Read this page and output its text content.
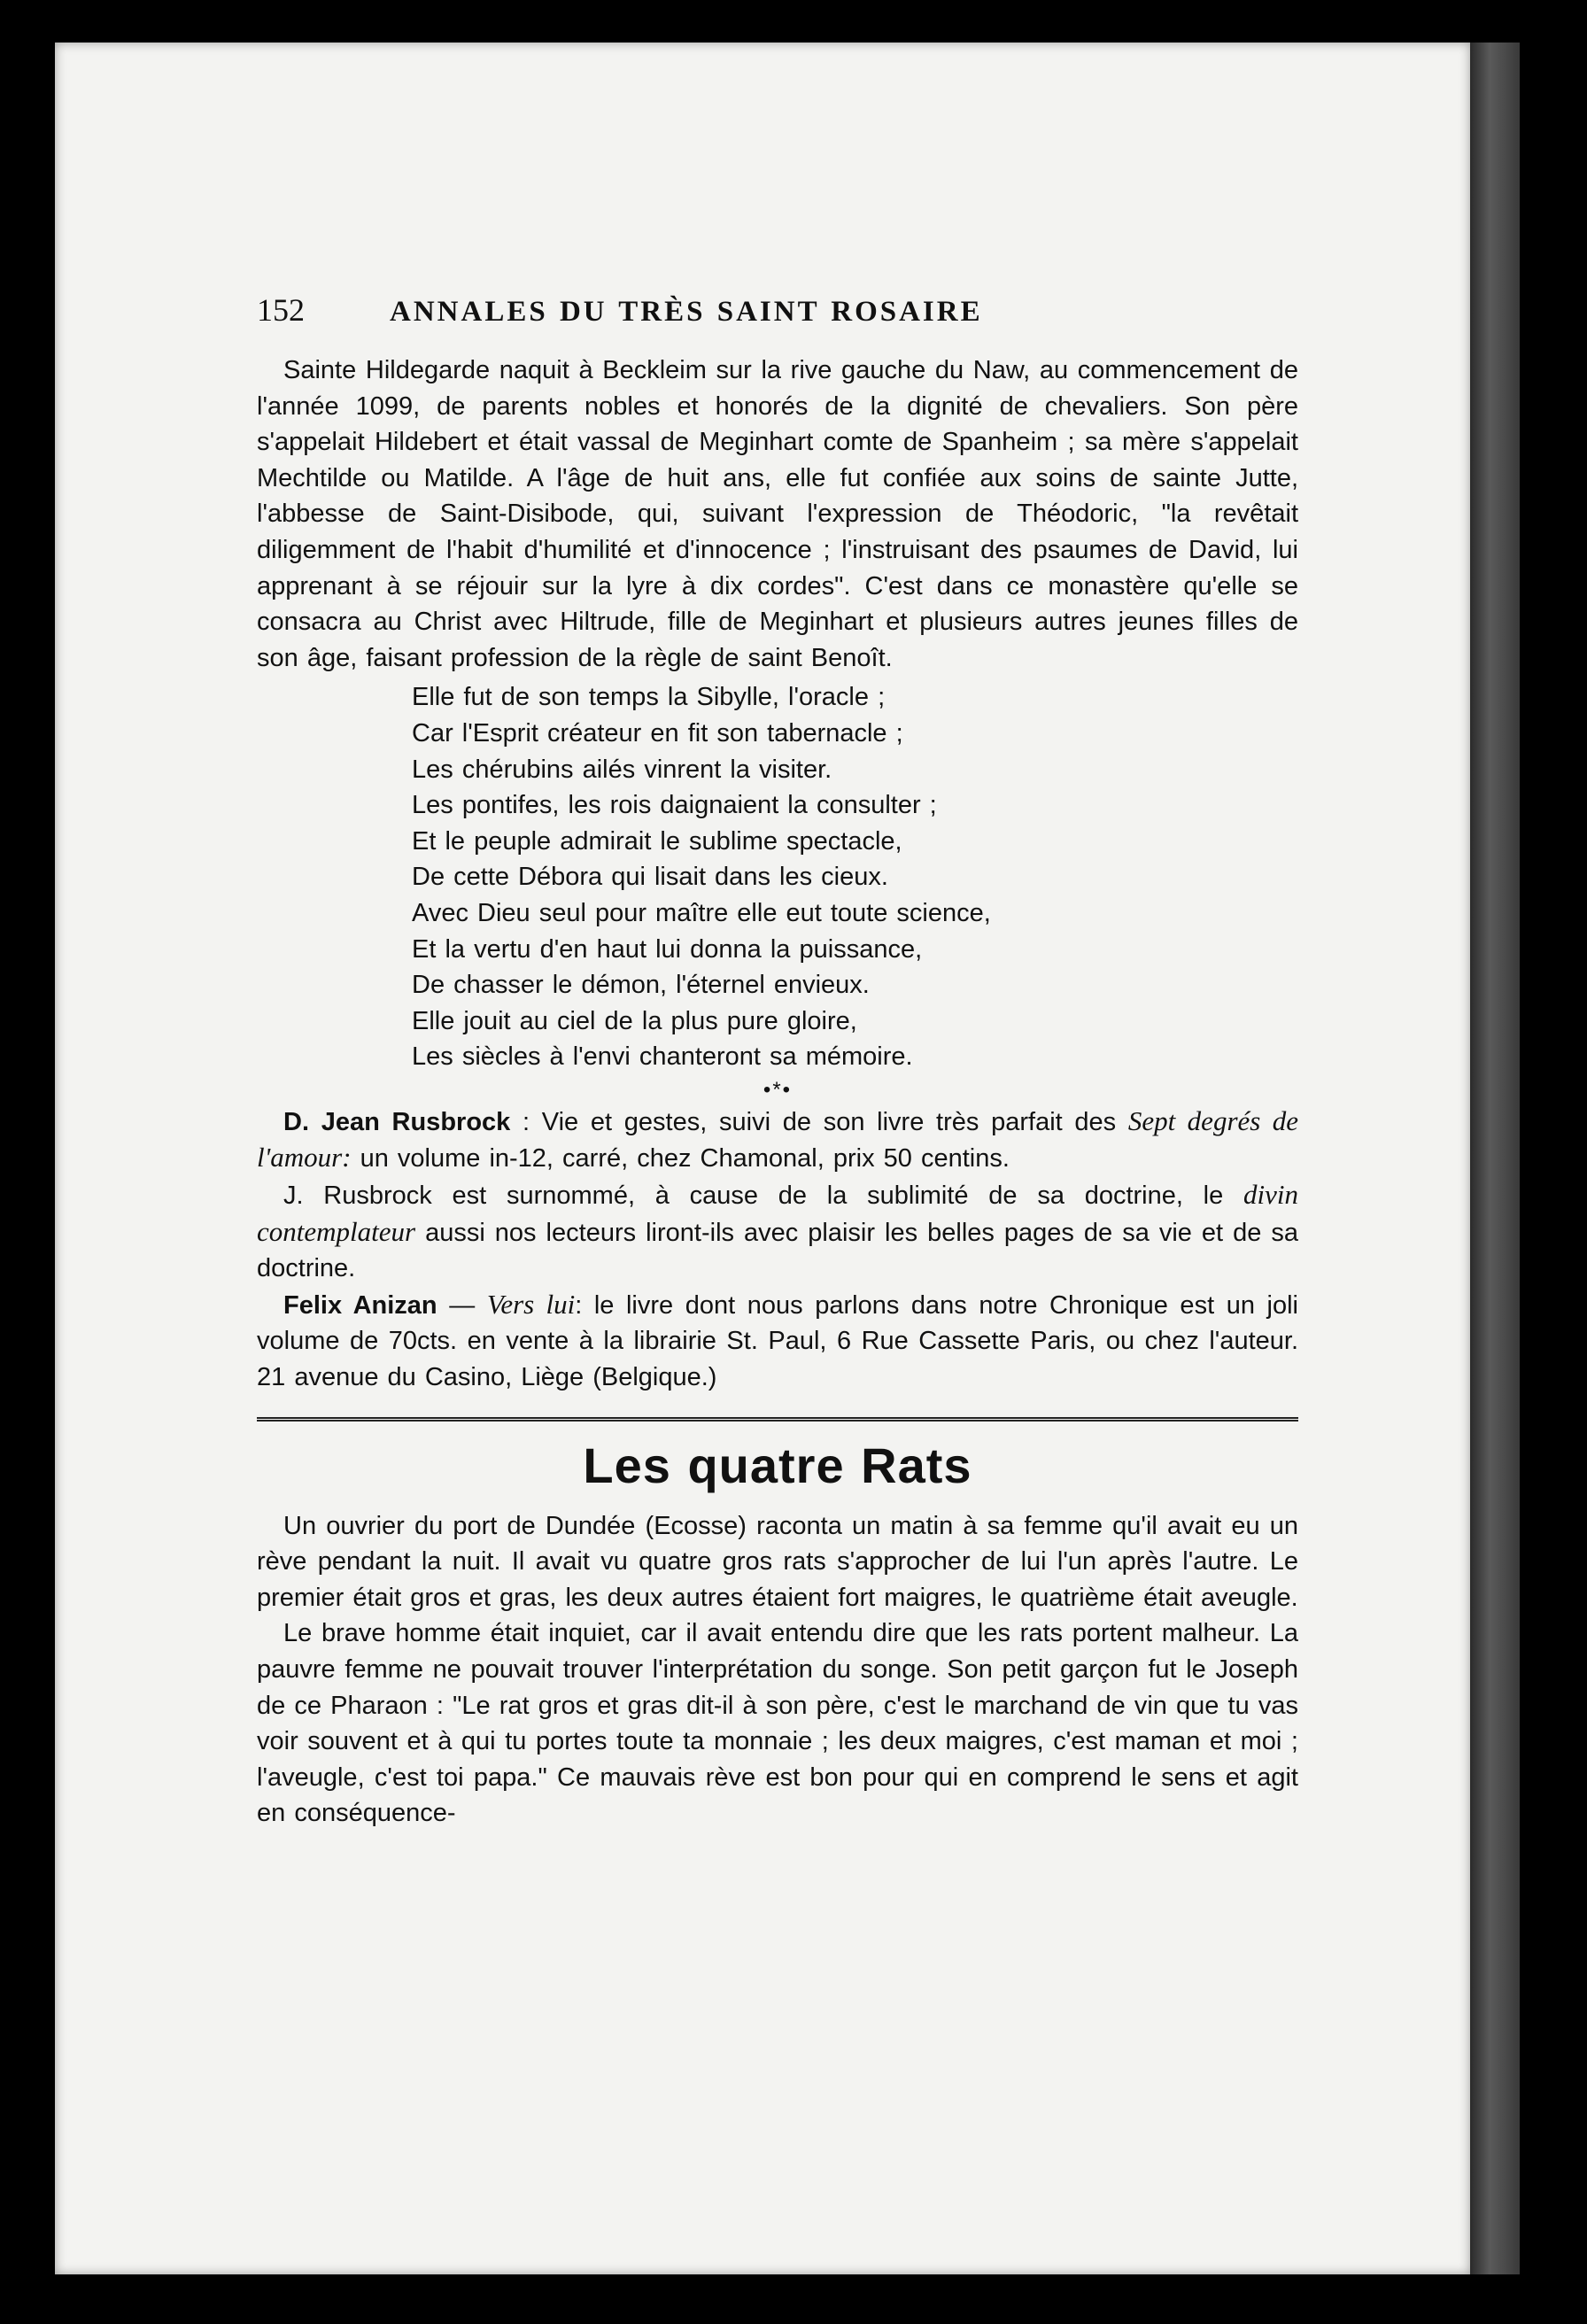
152	ANNALES DU TRÈS SAINT ROSAIRE

Sainte Hildegarde naquit à Beckleim sur la rive gauche du Naw, au commencement de l'année 1099, de parents nobles et honorés de la dignité de chevaliers. Son père s'appelait Hildebert et était vassal de Meginhart comte de Spanheim ; sa mère s'appelait Mechtilde ou Matilde. A l'âge de huit ans, elle fut confiée aux soins de sainte Jutte, l'abbesse de Saint-Disibode, qui, suivant l'expression de Théodoric, "la revêtait diligemment de l'habit d'humilité et d'innocence ; l'instruisant des psaumes de David, lui apprenant à se réjouir sur la lyre à dix cordes". C'est dans ce monastère qu'elle se consacra au Christ avec Hiltrude, fille de Meginhart et plusieurs autres jeunes filles de son âge, faisant profession de la règle de saint Benoît.

Elle fut de son temps la Sibylle, l'oracle ;
Car l'Esprit créateur en fit son tabernacle ;
Les chérubins ailés vinrent la visiter.
Les pontifes, les rois daignaient la consulter ;
Et le peuple admirait le sublime spectacle,
De cette Débora qui lisait dans les cieux.
Avec Dieu seul pour maître elle eut toute science,
Et la vertu d'en haut lui donna la puissance,
De chasser le démon, l'éternel envieux.
Elle jouit au ciel de la plus pure gloire,
Les siècles à l'envi chanteront sa mémoire.
•*•

D. Jean Rusbrock : Vie et gestes, suivi de son livre très parfait des Sept degrés de l'amour: un volume in-12, carré, chez Chamonal, prix 50 centins.

J. Rusbrock est surnommé, à cause de la sublimité de sa doctrine, le divin contemplateur aussi nos lecteurs liront-ils avec plaisir les belles pages de sa vie et de sa doctrine.

Felix Anizan — Vers lui: le livre dont nous parlons dans notre Chronique est un joli volume de 70cts. en vente à la librairie St. Paul, 6 Rue Cassette Paris, ou chez l'auteur. 21 avenue du Casino, Liège (Belgique.)

Les quatre Rats

Un ouvrier du port de Dundée (Ecosse) raconta un matin à sa femme qu'il avait eu un rève pendant la nuit. Il avait vu quatre gros rats s'approcher de lui l'un après l'autre. Le premier était gros et gras, les deux autres étaient fort maigres, le quatrième était aveugle.

Le brave homme était inquiet, car il avait entendu dire que les rats portent malheur. La pauvre femme ne pouvait trouver l'interprétation du songe. Son petit garçon fut le Joseph de ce Pharaon : "Le rat gros et gras dit-il à son père, c'est le marchand de vin que tu vas voir souvent et à qui tu portes toute ta monnaie ; les deux maigres, c'est maman et moi ; l'aveugle, c'est toi papa." Ce mauvais rève est bon pour qui en comprend le sens et agit en conséquence-
